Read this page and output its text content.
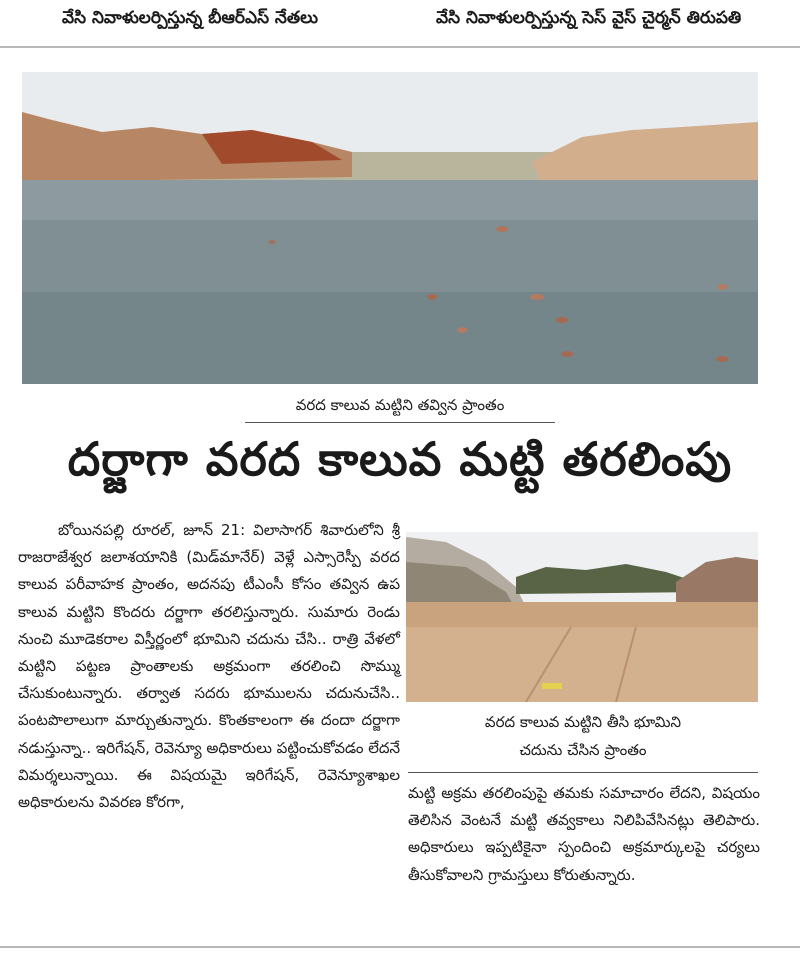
వేసి నివాళులర్పిస్తున్న బీఆర్ఎస్ నేతలు	వేసి నివాళులర్పిస్తున్న సెస్ వైస్ చైర్మన్ తిరుపతి
వరద కాలువ మట్టిని తవ్విన ప్రాంతం
దర్జాగా వరద కాలువ మట్టి తరలింపు

బోయినపల్లి రూరల్, జూన్ 21: విలాసాగర్ శివారులోని శ్రీ రాజరాజేశ్వర జలాశయానికి (మిడ్‌మానేర్) వెళ్లే ఎస్సారెస్పీ వరద కాలువ పరీవాహక ప్రాంతం, అదనపు టీఎంసీ కోసం తవ్విన ఉప కాలువ మట్టిని కొందరు దర్జాగా తరలిస్తున్నారు. సుమారు రెండు నుంచి మూడెకరాల విస్తీర్ణంలో భూమిని చదును చేసి.. రాత్రి వేళలో మట్టిని పట్టణ ప్రాంతాలకు అక్రమంగా తరలించి సొమ్ము చేసుకుంటున్నారు. తర్వాత సదరు భూములను చదునుచేసి.. పంటపొలాలుగా మార్చుతున్నారు. కొంతకాలంగా ఈ దందా దర్జాగా నడుస్తున్నా.. ఇరిగేషన్, రెవెన్యూ అధికారులు పట్టించుకోవడం లేదనే విమర్శలున్నాయి. ఈ విషయమై ఇరిగేషన్, రెవెన్యూశాఖల అధికారులను వివరణ కోరగా,

వరద కాలువ మట్టిని తీసి భూమిని
చదును చేసిన ప్రాంతం

మట్టి అక్రమ తరలింపుపై తమకు సమాచారం లేదని, విషయం తెలిసిన వెంటనే మట్టి తవ్వకాలు నిలిపివేసినట్లు తెలిపారు. అధికారులు ఇప్పటికైనా స్పందించి అక్రమార్కులపై చర్యలు తీసుకోవాలని గ్రామస్తులు కోరుతున్నారు.
